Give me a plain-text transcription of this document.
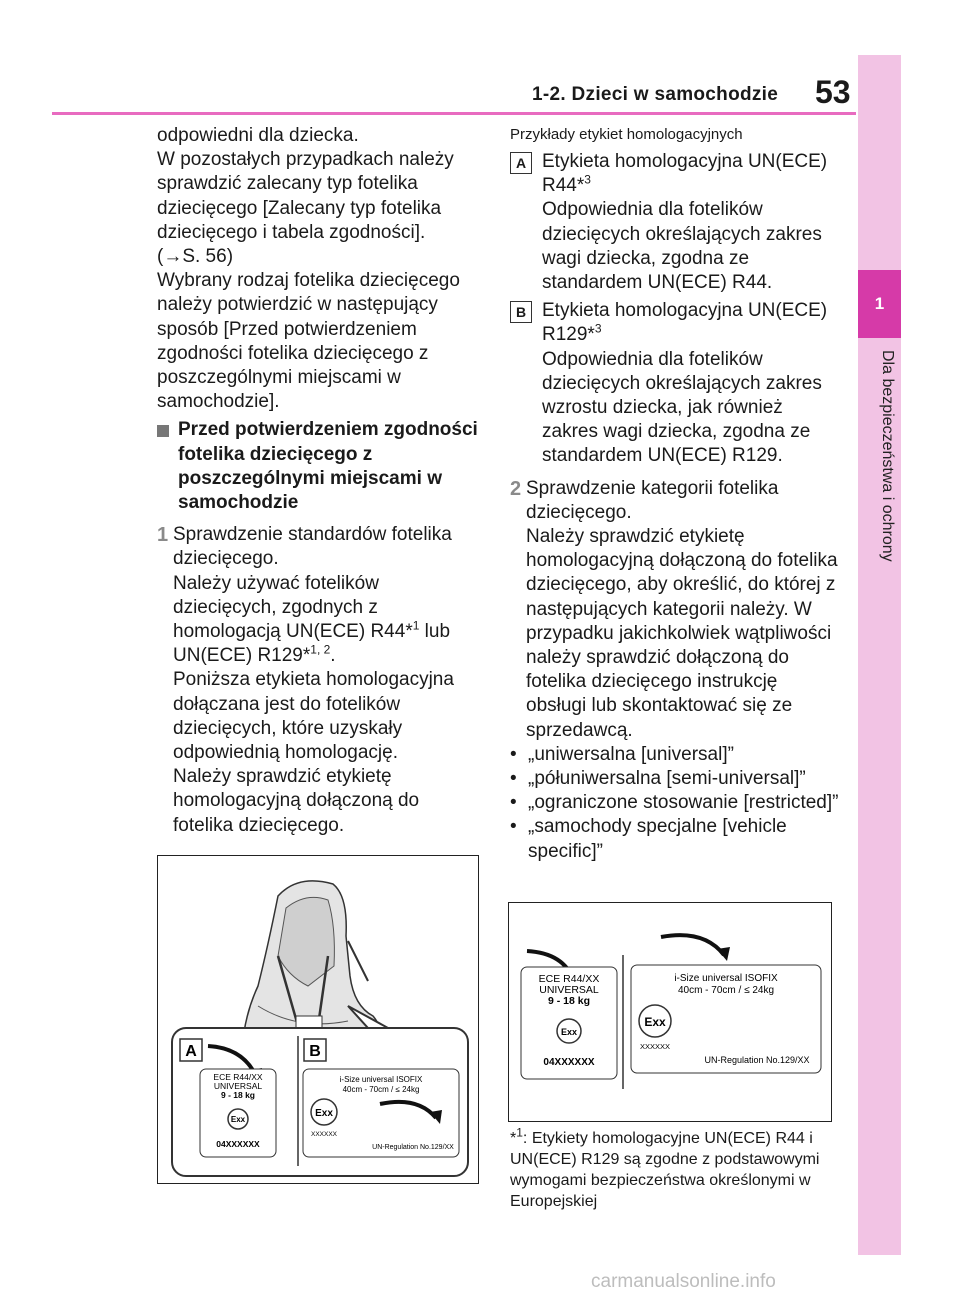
1-2. Dzieci w samochodzie 53
1
Dla bezpieczeństwa i ochrony

odpowiedni dla dziecka.

W pozostałych przypadkach należy sprawdzić zalecany typ fotelika dziecięcego [Zalecany typ fotelika dziecięcego i tabela zgodności].

(→S. 56)

Wybrany rodzaj fotelika dziecięcego należy potwierdzić w następujący sposób [Przed potwierdzeniem zgodności fotelika dziecięcego z poszczególnymi miejscami w samochodzie].

Przed potwierdzeniem zgodności fotelika dziecięcego z poszczególnymi miejscami w samochodzie
1 Sprawdzenie standardów fotelika dziecięcego.

Należy używać fotelików dziecięcych, zgodnych z homologacją UN(ECE) R44*$^1$ lub UN(ECE) R129*$^{1, 2}$.

Poniższa etykieta homologacyjna dołączana jest do fotelików dziecięcych, które uzyskały odpowiednią homologację.

Należy sprawdzić etykietę homologacyjną dołączoną do fotelika dziecięcego.

Przykłady etykiet homologacyjnych

A Etykieta homologacyjna UN(ECE) R44*$^3$

Odpowiednia dla fotelików dziecięcych określających zakres wagi dziecka, zgodna ze standardem UN(ECE) R44.

B Etykieta homologacyjna UN(ECE) R129*$^3$

Odpowiednia dla fotelików dziecięcych określających zakres wzrostu dziecka, jak również zakres wagi dziecka, zgodna ze standardem UN(ECE) R129.

2 Sprawdzenie kategorii fotelika dziecięcego.

Należy sprawdzić etykietę homologacyjną dołączoną do fotelika dziecięcego, aby określić, do której z następujących kategorii należy. W przypadku jakichkolwiek wątpliwości należy sprawdzić dołączoną do fotelika dziecięcego instrukcję obsługi lub skontaktować się ze sprzedawcą.

• „uniwersalna [universal]”
• „półuniwersalna [semi-universal]”
• „ograniczone stosowanie [restricted]”
• „samochody specjalne [vehicle specific]”
A	B
ECE R44/XX
UNIVERSAL
9 - 18 kg
Exx
04XXXXXX
i-Size universal ISOFIX
40cm - 70cm / ≤ 24kg
Exx
XXXXXX
UN-Regulation No.129/XX
ECE R44/XX
UNIVERSAL
9 - 18 kg
Exx
04XXXXXX
i-Size universal ISOFIX
40cm - 70cm / ≤ 24kg
Exx
XXXXXX
UN-Regulation No.129/XX
*$^1$: Etykiety homologacyjne UN(ECE) R44 i UN(ECE) R129 są zgodne z podstawowymi wymogami bezpieczeństwa określonymi w Europejskiej
carmanualsonline.info
